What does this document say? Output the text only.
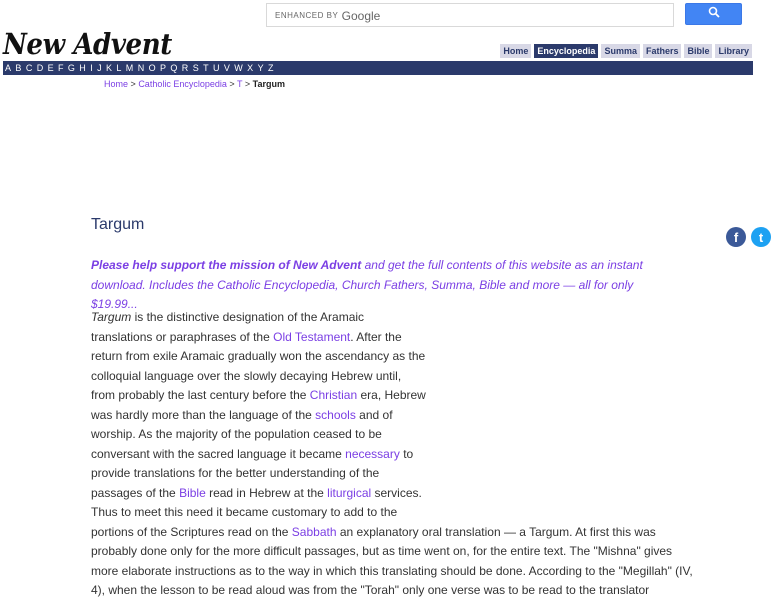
ENHANCED BY Google
New Advent	Home	Encyclopedia	Summa	Fathers	Bible	Library
A B C D E F G H I J K L M N O P Q R S T U V W X Y Z
Home > Catholic Encyclopedia > T > Targum
Targum
f	t
Please help support the mission of New Advent and get the full contents of this website as an instant download. Includes the Catholic Encyclopedia, Church Fathers, Summa, Bible and more — all for only $19.99...
Targum is the distinctive designation of the Aramaic
translations or paraphrases of the Old Testament. After the
return from exile Aramaic gradually won the ascendancy as the
colloquial language over the slowly decaying Hebrew until,
from probably the last century before the Christian era, Hebrew
was hardly more than the language of the schools and of
worship. As the majority of the population ceased to be
conversant with the sacred language it became necessary to
provide translations for the better understanding of the
passages of the Bible read in Hebrew at the liturgical services.
Thus to meet this need it became customary to add to the
portions of the Scriptures read on the Sabbath an explanatory oral translation — a Targum. At first this was
probably done only for the more difficult passages, but as time went on, for the entire text. The "Mishna" gives
more elaborate instructions as to the way in which this translating should be done. According to the "Megillah" (IV,
4), when the lesson to be read aloud was from the "Torah" only one verse was to be read to the translator
